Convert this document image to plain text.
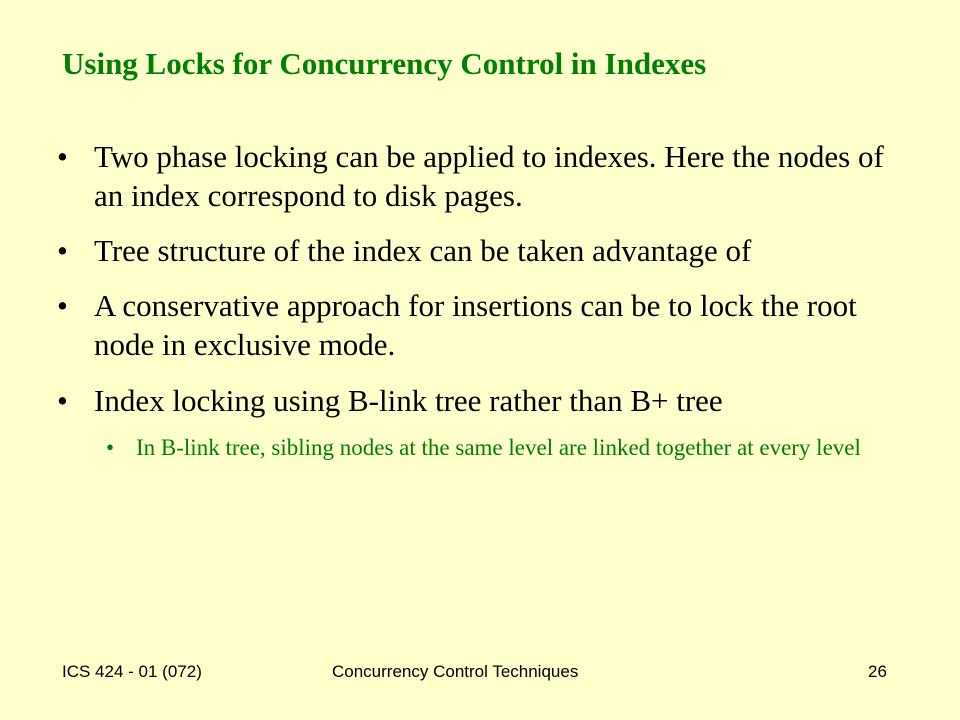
Using Locks for Concurrency Control in Indexes
• Two phase locking can be applied to indexes. Here the nodes of an index correspond to disk pages.
• Tree structure of the index can be taken advantage of
• A conservative approach for insertions can be to lock the root node in exclusive mode.
• Index locking using B-link tree rather than B+ tree
• In B-link tree, sibling nodes at the same level are linked together at every level
ICS 424 - 01 (072)	Concurrency Control Techniques	26
